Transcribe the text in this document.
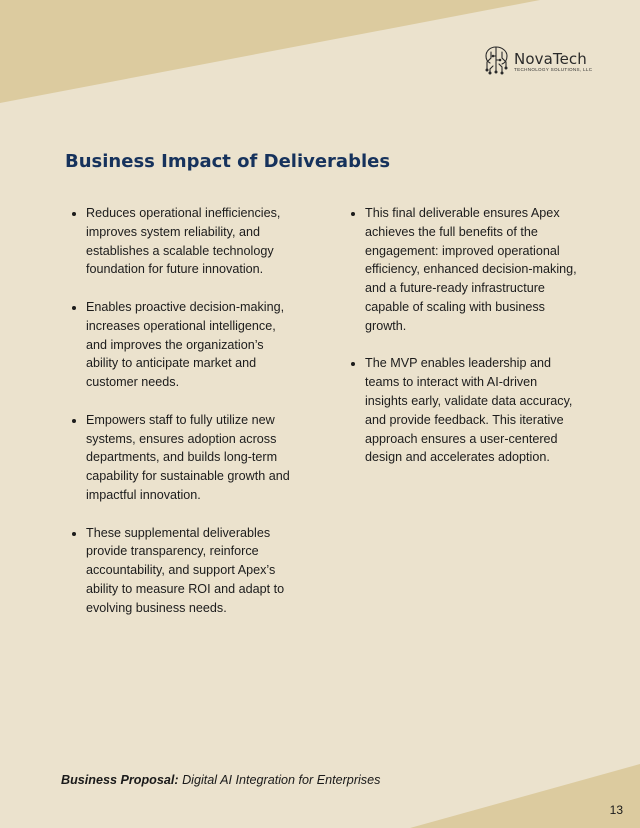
NovaTech
TECHNOLOGY SOLUTIONS, LLC
Business Impact of Deliverables
Reduces operational inefficiencies, improves system reliability, and establishes a scalable technology foundation for future innovation.
Enables proactive decision-making, increases operational intelligence, and improves the organization’s ability to anticipate market and customer needs.
Empowers staff to fully utilize new systems, ensures adoption across departments, and builds long-term capability for sustainable growth and impactful innovation.
These supplemental deliverables provide transparency, reinforce accountability, and support Apex’s ability to measure ROI and adapt to evolving business needs.
This final deliverable ensures Apex achieves the full benefits of the engagement: improved operational efficiency, enhanced decision-making, and a future-ready infrastructure capable of scaling with business growth.
The MVP enables leadership and teams to interact with AI-driven insights early, validate data accuracy, and provide feedback. This iterative approach ensures a user-centered design and accelerates adoption.
Business Proposal: Digital AI Integration for Enterprises
13
